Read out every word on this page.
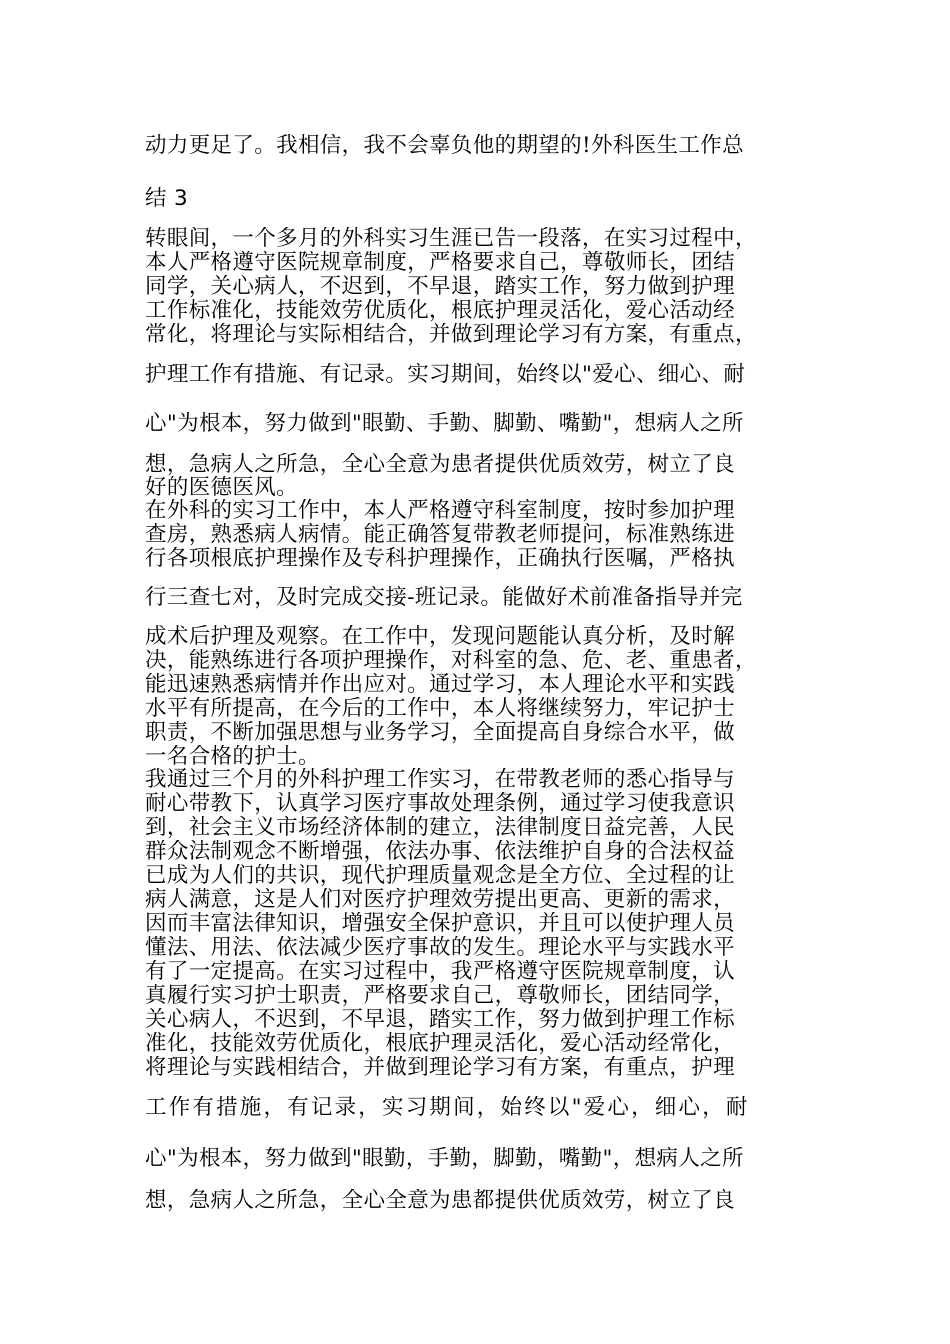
动力更足了。我相信，我不会辜负他的期望的!外科医生工作总
结 3
转眼间，一个多月的外科实习生涯已告一段落，在实习过程中，
本人严格遵守医院规章制度，严格要求自己，尊敬师长，团结
同学，关心病人，不迟到，不早退，踏实工作，努力做到护理
工作标准化，技能效劳优质化，根底护理灵活化，爱心活动经
常化，将理论与实际相结合，并做到理论学习有方案，有重点，
护理工作有措施、有记录。实习期间，始终以"爱心、细心、耐
心"为根本，努力做到"眼勤、手勤、脚勤、嘴勤"，想病人之所
想，急病人之所急，全心全意为患者提供优质效劳，树立了良
好的医德医风。
在外科的实习工作中，本人严格遵守科室制度，按时参加护理
查房，熟悉病人病情。能正确答复带教老师提问，标准熟练进
行各项根底护理操作及专科护理操作，正确执行医嘱，严格执
行三查七对，及时完成交接-班记录。能做好术前准备指导并完
成术后护理及观察。在工作中，发现问题能认真分析，及时解
决，能熟练进行各项护理操作，对科室的急、危、老、重患者，
能迅速熟悉病情并作出应对。通过学习，本人理论水平和实践
水平有所提高，在今后的工作中，本人将继续努力，牢记护士
职责，不断加强思想与业务学习，全面提高自身综合水平，做
一名合格的护士。
我通过三个月的外科护理工作实习，在带教老师的悉心指导与
耐心带教下，认真学习医疗事故处理条例，通过学习使我意识
到，社会主义市场经济体制的建立，法律制度日益完善，人民
群众法制观念不断增强，依法办事、依法维护自身的合法权益
已成为人们的共识，现代护理质量观念是全方位、全过程的让
病人满意，这是人们对医疗护理效劳提出更高、更新的需求，
因而丰富法律知识，增强安全保护意识，并且可以使护理人员
懂法、用法、依法减少医疗事故的发生。理论水平与实践水平
有了一定提高。在实习过程中，我严格遵守医院规章制度，认
真履行实习护士职责，严格要求自己，尊敬师长，团结同学，
关心病人，不迟到，不早退，踏实工作，努力做到护理工作标
准化，技能效劳优质化，根底护理灵活化，爱心活动经常化，
将理论与实践相结合，并做到理论学习有方案，有重点，护理
工作有措施，有记录，实习期间，始终以"爱心，细心，耐
心"为根本，努力做到"眼勤，手勤，脚勤，嘴勤"，想病人之所
想，急病人之所急，全心全意为患都提供优质效劳，树立了良
